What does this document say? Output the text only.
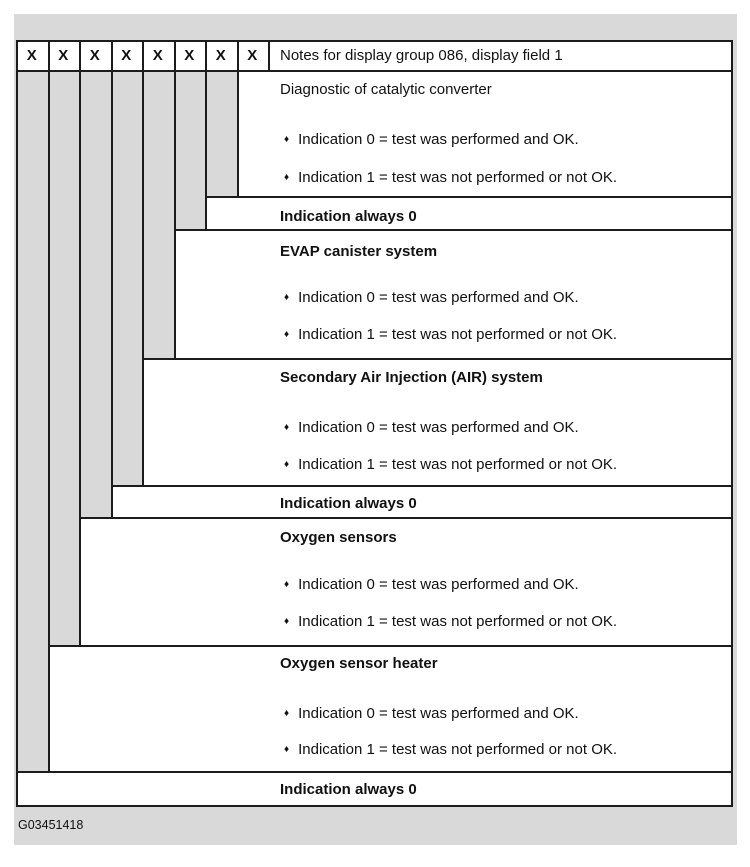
X	X	X	X	X	X	X	X	Notes for display group 086, display field 1
Diagnostic of catalytic converter
♦ Indication 0 = test was performed and OK.
♦ Indication 1 = test was not performed or not OK.
Indication always 0
EVAP canister system
♦ Indication 0 = test was performed and OK.
♦ Indication 1 = test was not performed or not OK.
Secondary Air Injection (AIR) system
♦ Indication 0 = test was performed and OK.
♦ Indication 1 = test was not performed or not OK.
Indication always 0
Oxygen sensors
♦ Indication 0 = test was performed and OK.
♦ Indication 1 = test was not performed or not OK.
Oxygen sensor heater
♦ Indication 0 = test was performed and OK.
♦ Indication 1 = test was not performed or not OK.
Indication always 0
G03451418
